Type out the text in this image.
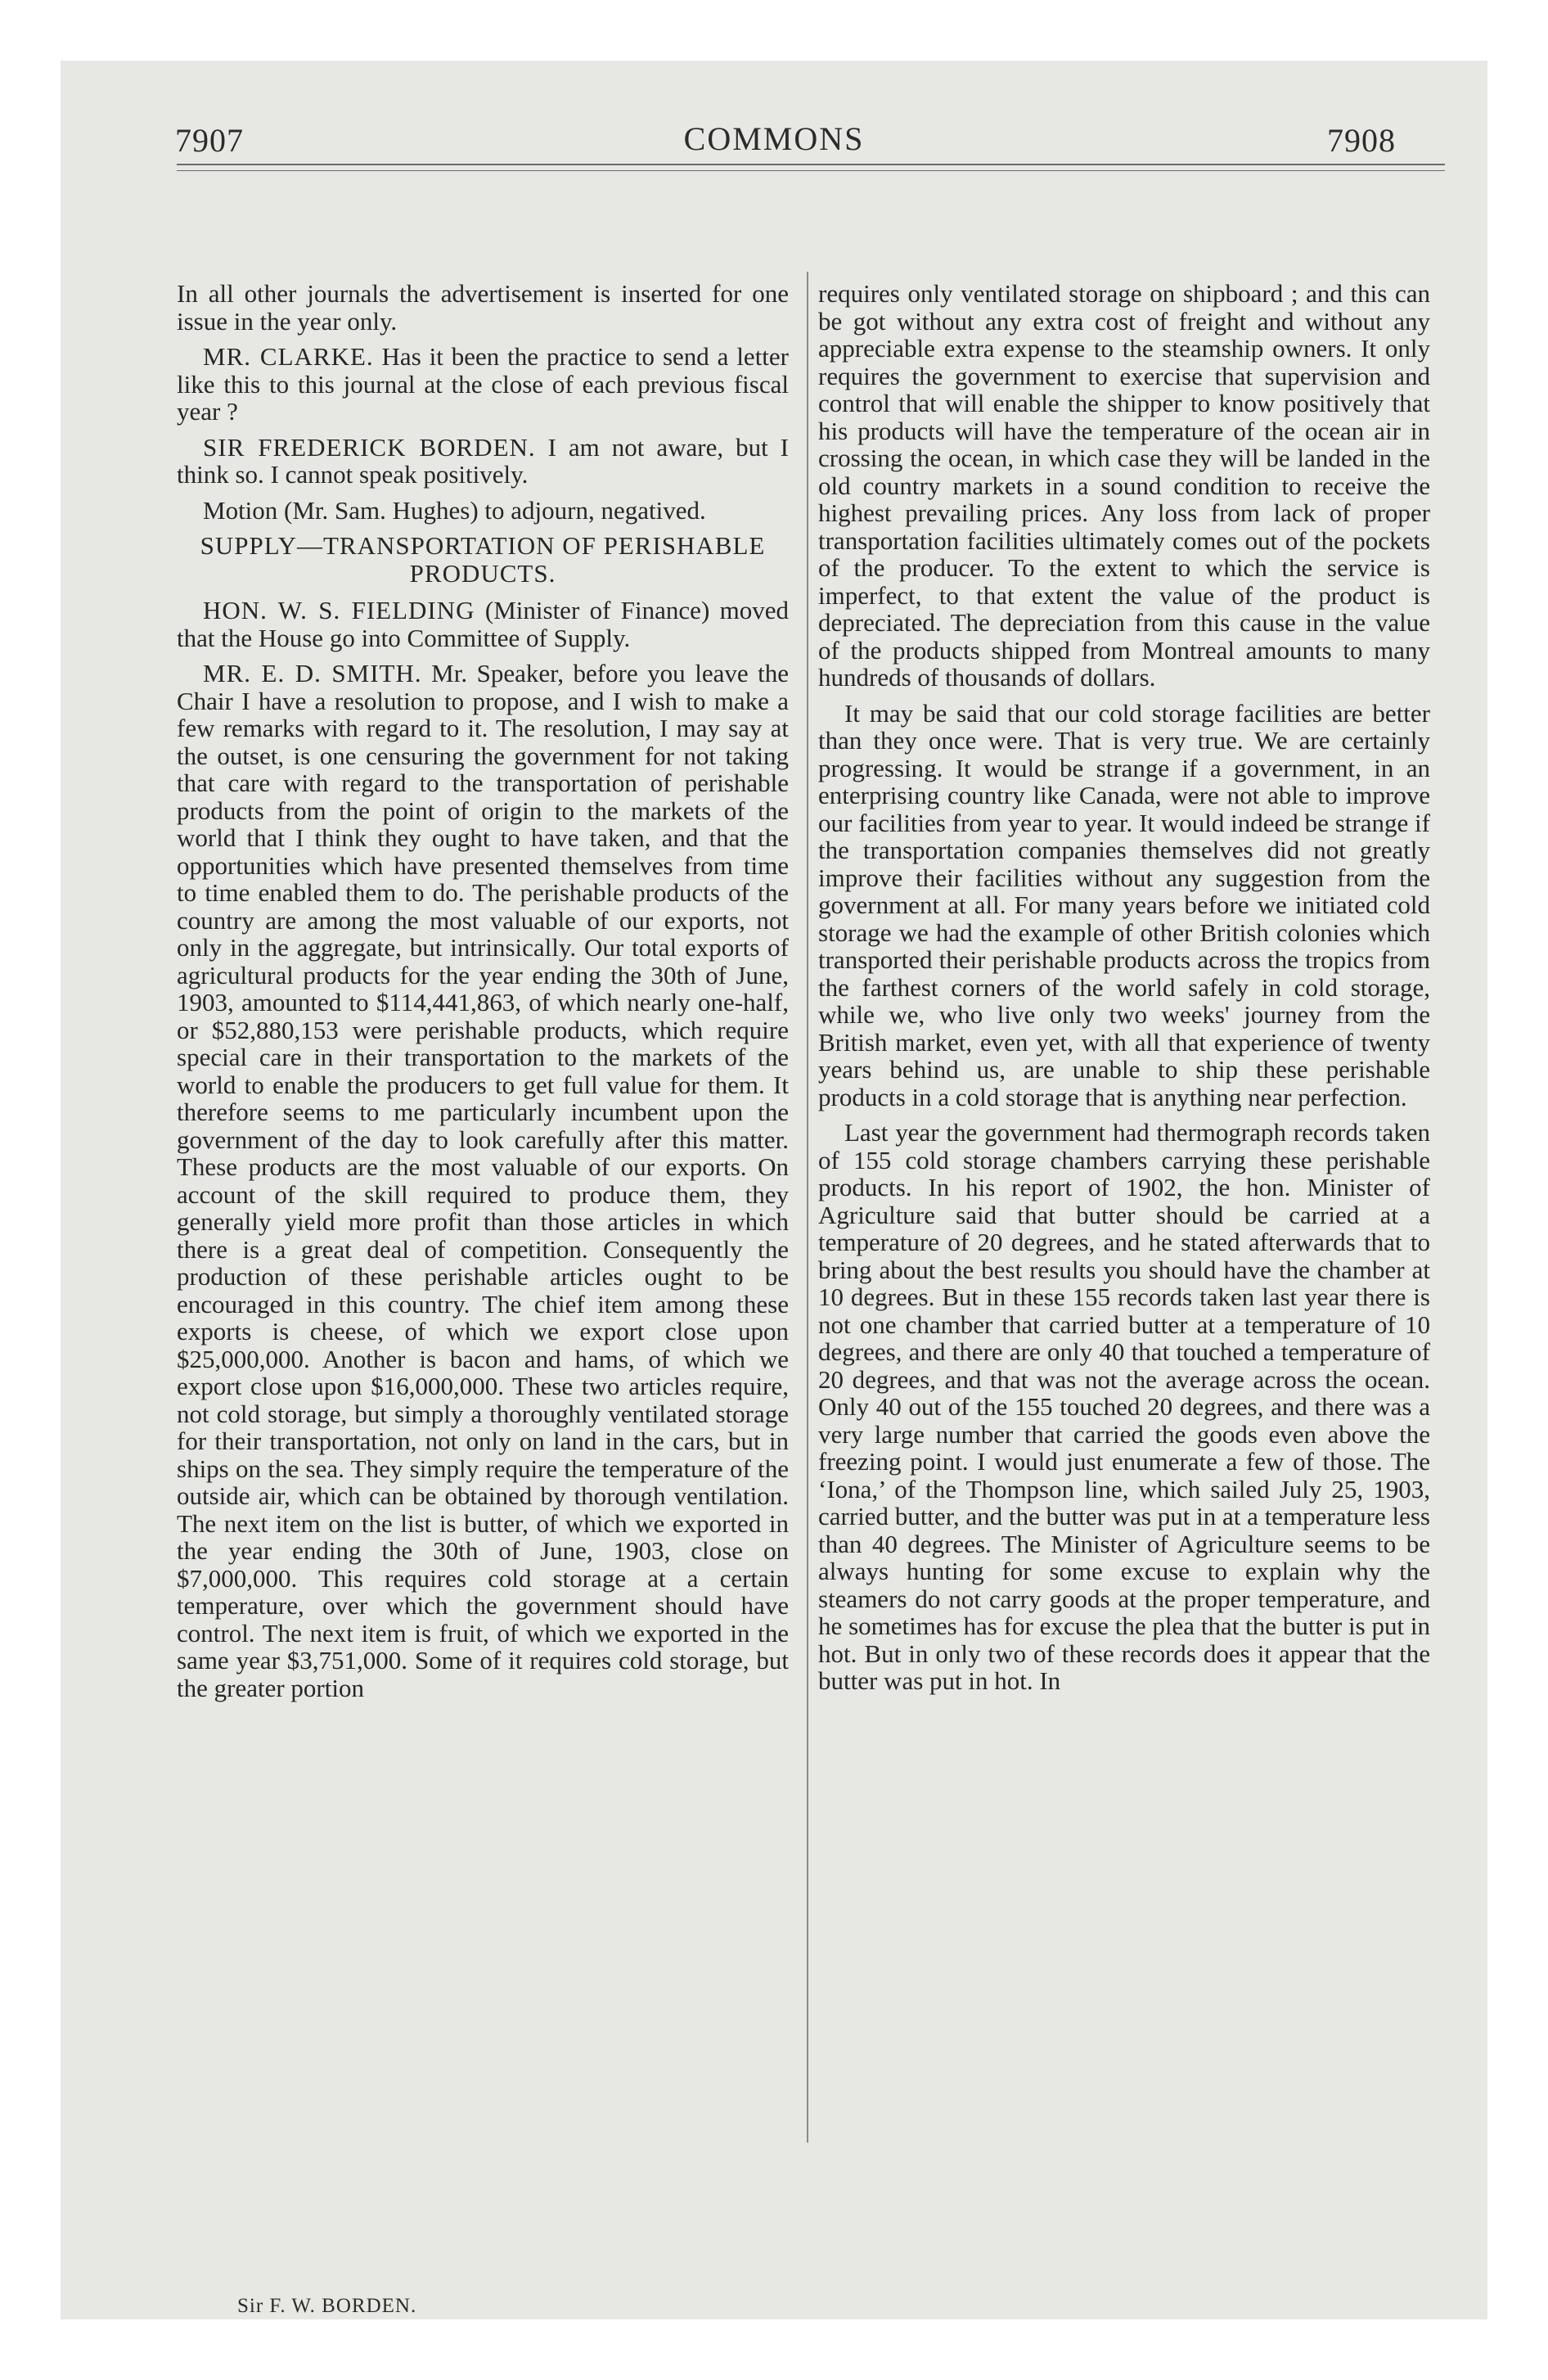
7907	COMMONS	7908

In all other journals the advertisement is inserted for one issue in the year only.

MR. CLARKE. Has it been the practice to send a letter like this to this journal at the close of each previous fiscal year ?

SIR FREDERICK BORDEN. I am not aware, but I think so. I cannot speak positively.

Motion (Mr. Sam. Hughes) to adjourn, negatived.

SUPPLY—TRANSPORTATION OF PERISHABLE PRODUCTS.

HON. W. S. FIELDING (Minister of Finance) moved that the House go into Committee of Supply.

MR. E. D. SMITH. Mr. Speaker, before you leave the Chair I have a resolution to propose, and I wish to make a few remarks with regard to it. The resolution, I may say at the outset, is one censuring the government for not taking that care with regard to the transportation of perishable products from the point of origin to the markets of the world that I think they ought to have taken, and that the opportunities which have presented themselves from time to time enabled them to do. The perishable products of the country are among the most valuable of our exports, not only in the aggregate, but intrinsically. Our total exports of agricultural products for the year ending the 30th of June, 1903, amounted to $114,441,863, of which nearly one-half, or $52,880,153 were perishable products, which require special care in their transportation to the markets of the world to enable the producers to get full value for them. It therefore seems to me particularly incumbent upon the government of the day to look carefully after this matter. These products are the most valuable of our exports. On account of the skill required to produce them, they generally yield more profit than those articles in which there is a great deal of competition. Consequently the production of these perishable articles ought to be encouraged in this country. The chief item among these exports is cheese, of which we export close upon $25,000,000. Another is bacon and hams, of which we export close upon $16,000,000. These two articles require, not cold storage, but simply a thoroughly ventilated storage for their transportation, not only on land in the cars, but in ships on the sea. They simply require the temperature of the outside air, which can be obtained by thorough ventilation. The next item on the list is butter, of which we exported in the year ending the 30th of June, 1903, close on $7,000,000. This requires cold storage at a certain temperature, over which the government should have control. The next item is fruit, of which we exported in the same year $3,751,000. Some of it requires cold storage, but the greater portion

requires only ventilated storage on shipboard ; and this can be got without any extra cost of freight and without any appreciable extra expense to the steamship owners. It only requires the government to exercise that supervision and control that will enable the shipper to know positively that his products will have the temperature of the ocean air in crossing the ocean, in which case they will be landed in the old country markets in a sound condition to receive the highest prevailing prices. Any loss from lack of proper transportation facilities ultimately comes out of the pockets of the producer. To the extent to which the service is imperfect, to that extent the value of the product is depreciated. The depreciation from this cause in the value of the products shipped from Montreal amounts to many hundreds of thousands of dollars.

It may be said that our cold storage facilities are better than they once were. That is very true. We are certainly progressing. It would be strange if a government, in an enterprising country like Canada, were not able to improve our facilities from year to year. It would indeed be strange if the transportation companies themselves did not greatly improve their facilities without any suggestion from the government at all. For many years before we initiated cold storage we had the example of other British colonies which transported their perishable products across the tropics from the farthest corners of the world safely in cold storage, while we, who live only two weeks' journey from the British market, even yet, with all that experience of twenty years behind us, are unable to ship these perishable products in a cold storage that is anything near perfection.

Last year the government had thermograph records taken of 155 cold storage chambers carrying these perishable products. In his report of 1902, the hon. Minister of Agriculture said that butter should be carried at a temperature of 20 degrees, and he stated afterwards that to bring about the best results you should have the chamber at 10 degrees. But in these 155 records taken last year there is not one chamber that carried butter at a temperature of 10 degrees, and there are only 40 that touched a temperature of 20 degrees, and that was not the average across the ocean. Only 40 out of the 155 touched 20 degrees, and there was a very large number that carried the goods even above the freezing point. I would just enumerate a few of those. The ‘Iona,’ of the Thompson line, which sailed July 25, 1903, carried butter, and the butter was put in at a temperature less than 40 degrees. The Minister of Agriculture seems to be always hunting for some excuse to explain why the steamers do not carry goods at the proper temperature, and he sometimes has for excuse the plea that the butter is put in hot. But in only two of these records does it appear that the butter was put in hot. In

Sir F. W. BORDEN.
